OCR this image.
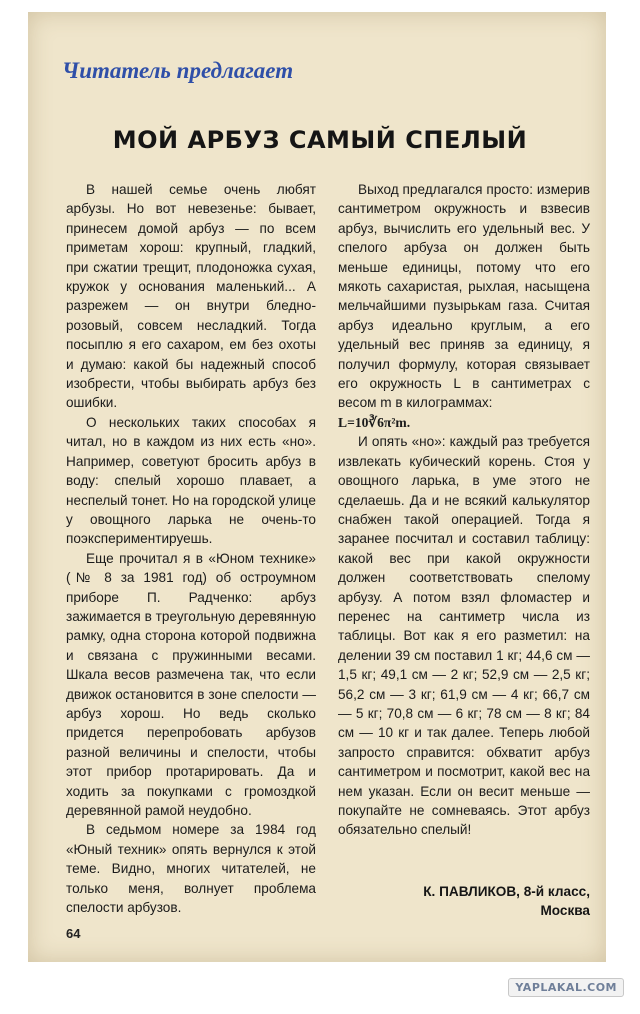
Читатель предлагает
МОЙ АРБУЗ САМЫЙ СПЕЛЫЙ

В нашей семье очень любят арбузы. Но вот невезенье: бывает, принесем домой арбуз — по всем приметам хорош: крупный, гладкий, при сжатии трещит, плодоножка сухая, кружок у основания маленький... А разрежем — он внутри бледно-розовый, совсем несладкий. Тогда посыплю я его сахаром, ем без охоты и думаю: какой бы надежный способ изобрести, чтобы выбирать арбуз без ошибки.

О нескольких таких способах я читал, но в каждом из них есть «но». Например, советуют бросить арбуз в воду: спелый хорошо плавает, а неспелый тонет. Но на городской улице у овощного ларька не очень-то поэкспериментируешь.

Еще прочитал я в «Юном технике» (№ 8 за 1981 год) об остроумном приборе П. Радченко: арбуз зажимается в треугольную деревянную рамку, одна сторона которой подвижна и связана с пружинными весами. Шкала весов размечена так, что если движок остановится в зоне спелости — арбуз хорош. Но ведь сколько придется перепробовать арбузов разной величины и спелости, чтобы этот прибор протарировать. Да и ходить за покупками с громоздкой деревянной рамой неудобно.

В седьмом номере за 1984 год «Юный техник» опять вернулся к этой теме. Видно, многих читателей, не только меня, волнует проблема спелости арбузов.

Выход предлагался просто: измерив сантиметром окружность и взвесив арбуз, вычислить его удельный вес. У спелого арбуза он должен быть меньше единицы, потому что его мякоть сахаристая, рыхлая, насыщена мельчайшими пузырькам газа. Считая арбуз идеально круглым, а его удельный вес приняв за единицу, я получил формулу, которая связывает его окружность L в сантиметрах с весом m в килограммах:

L=10∛6π²m.

И опять «но»: каждый раз требуется извлекать кубический корень. Стоя у овощного ларька, в уме этого не сделаешь. Да и не всякий калькулятор снабжен такой операцией. Тогда я заранее посчитал и составил таблицу: какой вес при какой окружности должен соответствовать спелому арбузу. А потом взял фломастер и перенес на сантиметр числа из таблицы. Вот как я его разметил: на делении 39 см поставил 1 кг; 44,6 см — 1,5 кг; 49,1 см — 2 кг; 52,9 см — 2,5 кг; 56,2 см — 3 кг; 61,9 см — 4 кг; 66,7 см — 5 кг; 70,8 см — 6 кг; 78 см — 8 кг; 84 см — 10 кг и так далее. Теперь любой запросто справится: обхватит арбуз сантиметром и посмотрит, какой вес на нем указан. Если он весит меньше — покупайте не сомневаясь. Этот арбуз обязательно спелый!

К. ПАВЛИКОВ, 8-й класс,
Москва

64

YAPLAKAL.COM
